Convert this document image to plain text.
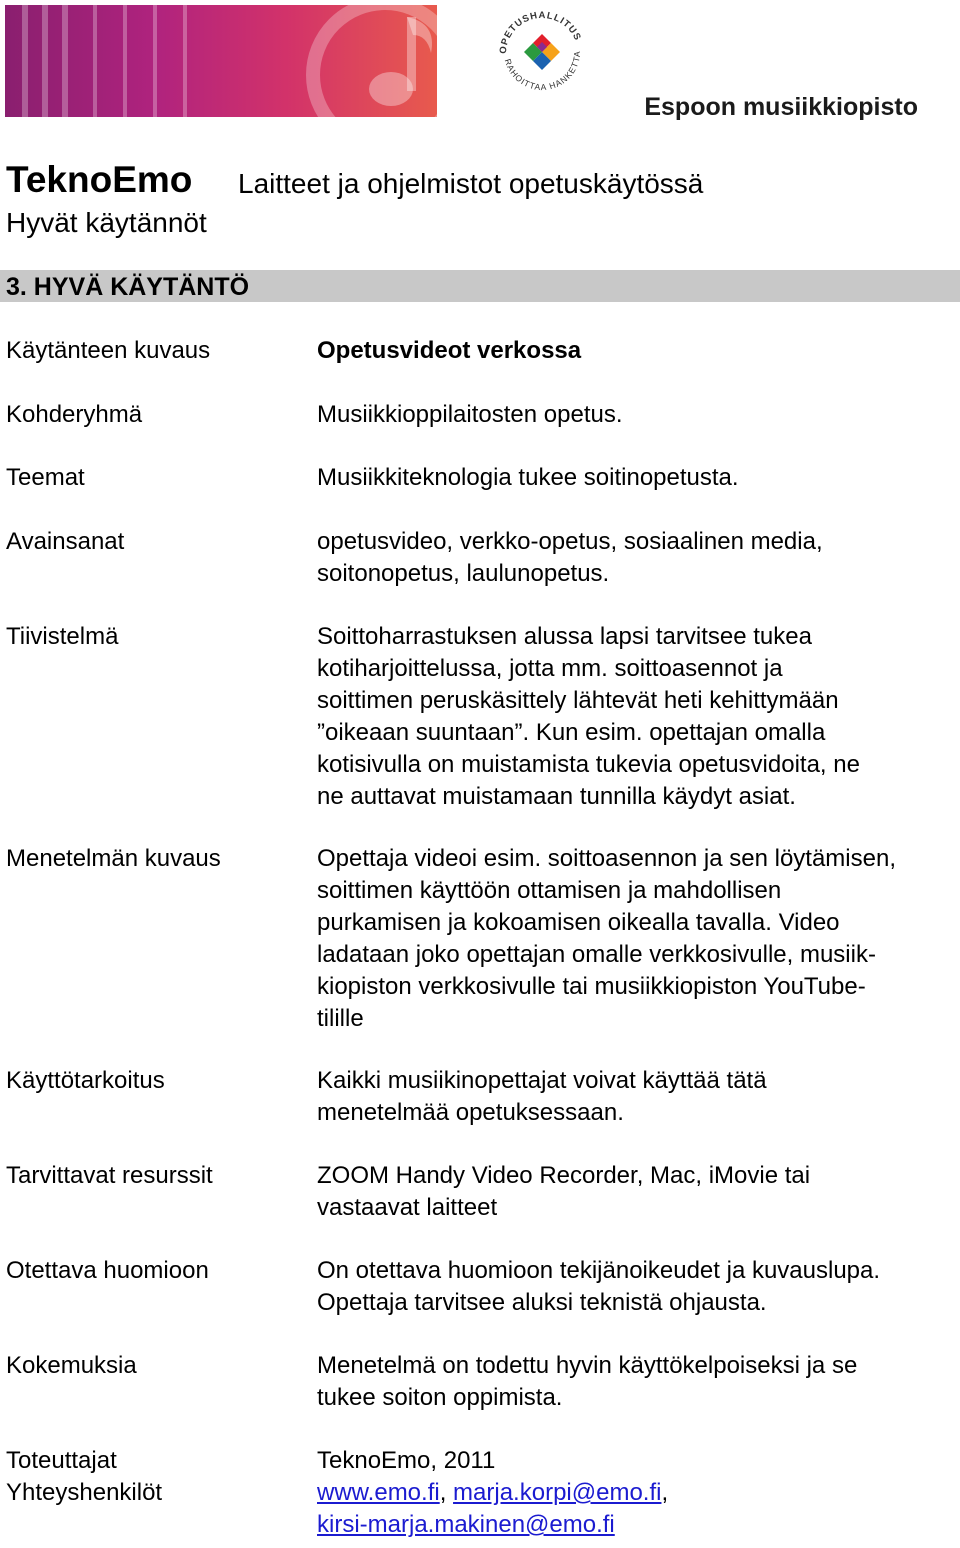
OPETUSHALLITUS
RAHOITTAA HANKETTA
Espoon musiikkiopisto
TeknoEmo Laitteet ja ohjelmistot opetuskäytössä
Hyvät käytännöt
3. HYVÄ KÄYTÄNTÖ
Käytänteen kuvaus
Kohderyhmä
Teemat
Avainsanat
Tiivistelmä
Menetelmän kuvaus
Käyttötarkoitus
Tarvittavat resurssit
Otettava huomioon
Kokemuksia
Toteuttajat
Yhteyshenkilöt
Opetusvideot verkossa
Musiikkioppilaitosten opetus.
Musiikkiteknologia tukee soitinopetusta.
opetusvideo, verkko-opetus, sosiaalinen media,
soitonopetus, laulunopetus.
Soittoharrastuksen alussa lapsi tarvitsee tukea
kotiharjoittelussa, jotta mm. soittoasennot ja
soittimen peruskäsittely lähtevät heti kehittymään
”oikeaan suuntaan”. Kun esim. opettajan omalla
kotisivulla on muistamista tukevia opetusvidoita, ne
ne auttavat muistamaan tunnilla käydyt asiat.
Opettaja videoi esim. soittoasennon ja sen löytämisen,
soittimen käyttöön ottamisen ja mahdollisen
purkamisen ja kokoamisen oikealla tavalla. Video
ladataan joko opettajan omalle verkkosivulle, musiik-
kiopiston verkkosivulle tai musiikkiopiston YouTube-
tilille
Kaikki musiikinopettajat voivat käyttää tätä
menetelmää opetuksessaan.
ZOOM Handy Video Recorder, Mac, iMovie tai
vastaavat laitteet
On otettava huomioon tekijänoikeudet ja kuvauslupa.
Opettaja tarvitsee aluksi teknistä ohjausta.
Menetelmä on todettu hyvin käyttökelpoiseksi ja se
tukee soiton oppimista.
TeknoEmo, 2011
www.emo.fi, marja.korpi@emo.fi,
kirsi-marja.makinen@emo.fi
